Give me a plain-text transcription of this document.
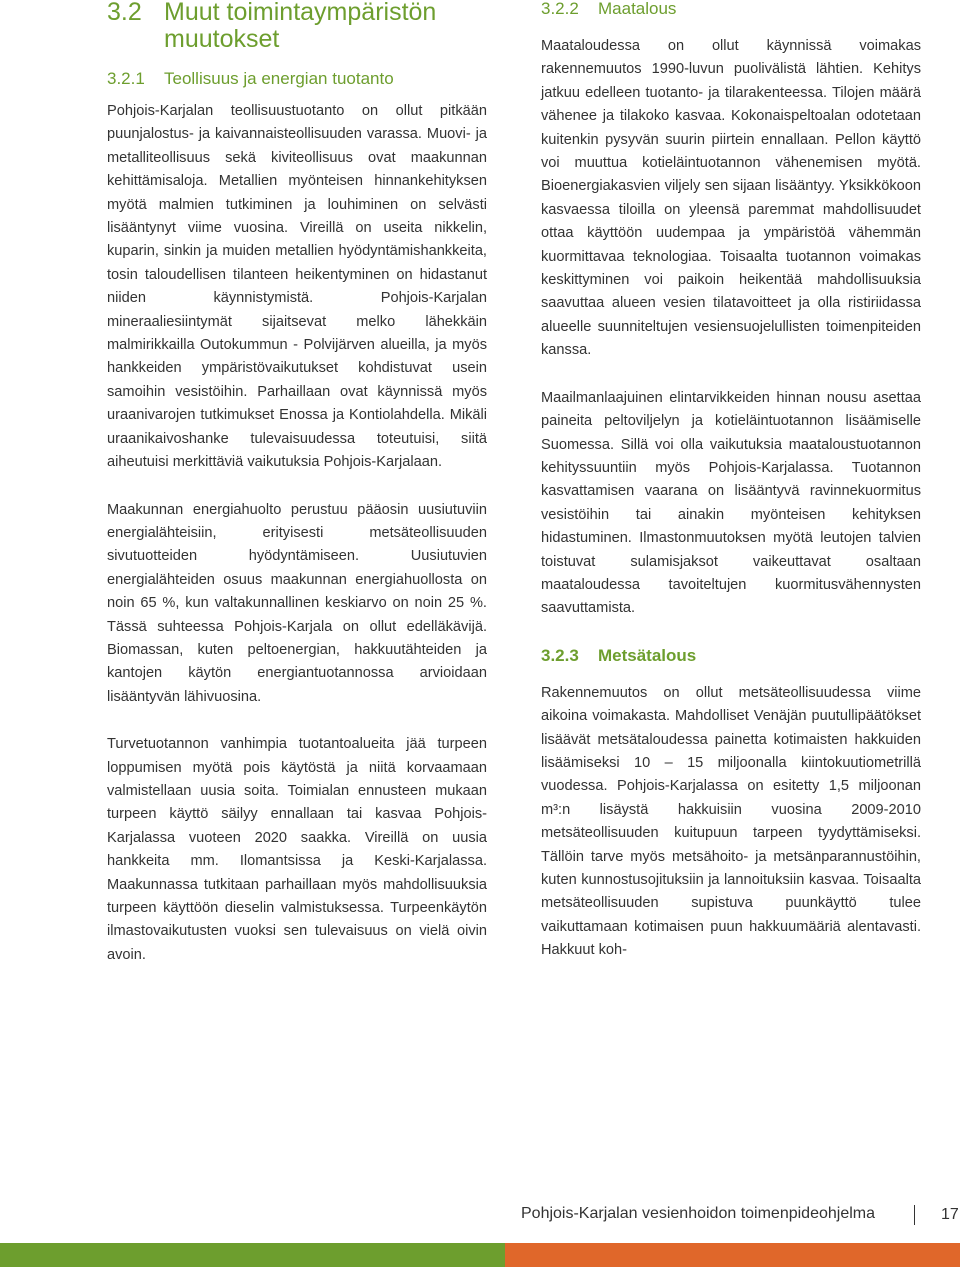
3.2 Muut toimintaympäristön muutokset
3.2.1	Teollisuus ja energian tuotanto

Pohjois-Karjalan teollisuustuotanto on ollut pitkään puunjalostus- ja kaivannaisteollisuuden varassa. Muovi- ja metalliteollisuus sekä kiviteollisuus ovat maakunnan kehittämisaloja. Metallien myönteisen hinnankehityksen myötä malmien tutkiminen ja louhiminen on selvästi lisääntynyt viime vuosina. Vireillä on useita nikkelin, kuparin, sinkin ja muiden metallien hyödyntämishankkeita, tosin taloudellisen tilanteen heikentyminen on hidastanut niiden käynnistymistä. Pohjois-Karjalan mineraaliesiintymät sijaitsevat melko lähekkäin malmirikkailla Outokummun - Polvijärven alueilla, ja myös hankkeiden ympäristövaikutukset kohdistuvat usein samoihin vesistöihin. Parhaillaan ovat käynnissä myös uraanivarojen tutkimukset Enossa ja Kontiolahdella. Mikäli uraanikaivoshanke tulevaisuudessa toteutuisi, siitä aiheutuisi merkittäviä vaikutuksia Pohjois-Karjalaan.

Maakunnan energiahuolto perustuu pääosin uusiutuviin energialähteisiin, erityisesti metsäteollisuuden sivutuotteiden hyödyntämiseen. Uusiutuvien energialähteiden osuus maakunnan energiahuollosta on noin 65 %, kun valtakunnallinen keskiarvo on noin 25 %. Tässä suhteessa Pohjois-Karjala on ollut edelläkävijä. Biomassan, kuten peltoenergian, hakkuutähteiden ja kantojen käytön energiantuotannossa arvioidaan lisääntyvän lähivuosina.

Turvetuotannon vanhimpia tuotantoalueita jää turpeen loppumisen myötä pois käytöstä ja niitä korvaamaan valmistellaan uusia soita. Toimialan ennusteen mukaan turpeen käyttö säilyy ennallaan tai kasvaa Pohjois-Karjalassa vuoteen 2020 saakka. Vireillä on uusia hankkeita mm. Ilomantsissa ja Keski-Karjalassa. Maakunnassa tutkitaan parhaillaan myös mahdollisuuksia turpeen käyttöön dieselin valmistuksessa. Turpeenkäytön ilmastovaikutusten vuoksi sen tulevaisuus on vielä oivin avoin.

3.2.2	Maatalous

Maataloudessa on ollut käynnissä voimakas rakennemuutos 1990-luvun puolivälistä lähtien. Kehitys jatkuu edelleen tuotanto- ja tilarakenteessa. Tilojen määrä vähenee ja tilakoko kasvaa. Kokonaispeltoalan odotetaan kuitenkin pysyvän suurin piirtein ennallaan. Pellon käyttö voi muuttua kotieläintuotannon vähenemisen myötä. Bioenergiakasvien viljely sen sijaan lisääntyy. Yksikkökoon kasvaessa tiloilla on yleensä paremmat mahdollisuudet ottaa käyttöön uudempaa ja ympäristöä vähemmän kuormittavaa teknologiaa. Toisaalta tuotannon voimakas keskittyminen voi paikoin heikentää mahdollisuuksia saavuttaa alueen vesien tilatavoitteet ja olla ristiriidassa alueelle suunniteltujen vesiensuojelullisten toimenpiteiden kanssa.

Maailmanlaajuinen elintarvikkeiden hinnan nousu asettaa paineita peltoviljelyn ja kotieläintuotannon lisäämiselle Suomessa. Sillä voi olla vaikutuksia maataloustuotannon kehityssuuntiin myös Pohjois-Karjalassa. Tuotannon kasvattamisen vaarana on lisääntyvä ravinnekuormitus vesistöihin tai ainakin myönteisen kehityksen hidastuminen. Ilmastonmuutoksen myötä leutojen talvien toistuvat sulamisjaksot vaikeuttavat osaltaan maataloudessa tavoiteltujen kuormitusvähennysten saavuttamista.

3.2.3	Metsätalous

Rakennemuutos on ollut metsäteollisuudessa viime aikoina voimakasta. Mahdolliset Venäjän puutullipäätökset lisäävät metsätaloudessa painetta kotimaisten hakkuiden lisäämiseksi 10 – 15 miljoonalla kiintokuutiometrillä vuodessa. Pohjois-Karjalassa on esitetty 1,5 miljoonan m³:n lisäystä hakkuisiin vuosina 2009-2010 metsäteollisuuden kuitupuun tarpeen tyydyttämiseksi. Tällöin tarve myös metsähoito- ja metsänparannustöihin, kuten kunnostusojituksiin ja lannoituksiin kasvaa. Toisaalta metsäteollisuuden supistuva puunkäyttö tulee vaikuttamaan kotimaisen puun hakkuumääriä alentavasti. Hakkuut koh-

Pohjois-Karjalan vesienhoidon toimenpideohjelma	17
